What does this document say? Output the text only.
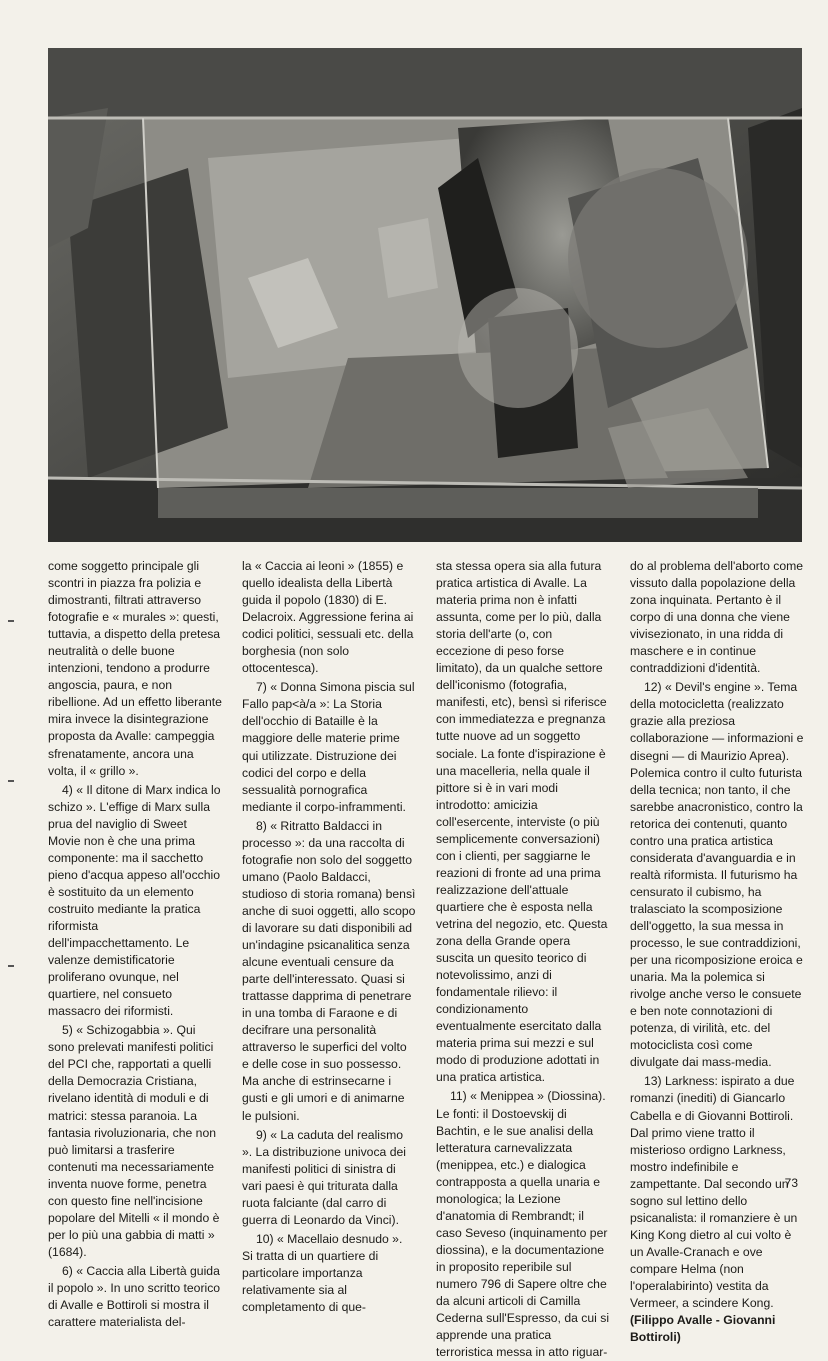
come soggetto principale gli scontri in piazza fra polizia e dimostranti, filtrati attraverso fotografie e « murales »: questi, tuttavia, a dispetto della pretesa neutralità o delle buone intenzioni, tendono a produrre angoscia, paura, e non ribellione. Ad un effetto liberante mira invece la disintegrazione proposta da Avalle: campeggia sfrenatamente, ancora una volta, il « grillo ».

4) « Il ditone di Marx indica lo schizo ». L'effige di Marx sulla prua del naviglio di Sweet Movie non è che una prima componente: ma il sacchetto pieno d'acqua appeso all'occhio è sostituito da un elemento costruito mediante la pratica riformista dell'impacchettamento. Le valenze demistificatorie proliferano ovunque, nel quartiere, nel consueto massacro dei riformisti.

5) « Schizogabbia ». Qui sono prelevati manifesti politici del PCI che, rapportati a quelli della Democrazia Cristiana, rivelano identità di moduli e di matrici: stessa paranoia. La fantasia rivoluzionaria, che non può limitarsi a trasferire contenuti ma necessariamente inventa nuove forme, penetra con questo fine nell'incisione popolare del Mitelli « il mondo è per lo più una gabbia di matti » (1684).

6) « Caccia alla Libertà guida il popolo ». In uno scritto teorico di Avalle e Bottiroli si mostra il carattere materialista del-

la « Caccia ai leoni » (1855) e quello idealista della Libertà guida il popolo (1830) di E. Delacroix. Aggressione ferina ai codici politici, sessuali etc. della borghesia (non solo ottocentesca).

7) « Donna Simona piscia sul Fallo pap<à/a »: La Storia dell'occhio di Bataille è la maggiore delle materie prime qui utilizzate. Distruzione dei codici del corpo e della sessualità pornografica mediante il corpo-inframmenti.

8) « Ritratto Baldacci in processo »: da una raccolta di fotografie non solo del soggetto umano (Paolo Baldacci, studioso di storia romana) bensì anche di suoi oggetti, allo scopo di lavorare su dati disponibili ad un'indagine psicanalitica senza alcune eventuali censure da parte dell'interessato. Quasi si trattasse dapprima di penetrare in una tomba di Faraone e di decifrare una personalità attraverso le superfici del volto e delle cose in suo possesso. Ma anche di estrinsecarne i gusti e gli umori e di animarne le pulsioni.

9) « La caduta del realismo ». La distribuzione univoca dei manifesti politici di sinistra di vari paesi è qui triturata dalla ruota falciante (dal carro di guerra di Leonardo da Vinci).

10) « Macellaio desnudo ». Si tratta di un quartiere di particolare importanza relativamente sia al completamento di que-

sta stessa opera sia alla futura pratica artistica di Avalle. La materia prima non è infatti assunta, come per lo più, dalla storia dell'arte (o, con eccezione di peso forse limitato), da un qualche settore dell'iconismo (fotografia, manifesti, etc), bensì si riferisce con immediatezza e pregnanza tutte nuove ad un soggetto sociale. La fonte d'ispirazione è una macelleria, nella quale il pittore si è in vari modi introdotto: amicizia coll'esercente, interviste (o più semplicemente conversazioni) con i clienti, per saggiarne le reazioni di fronte ad una prima realizzazione dell'attuale quartiere che è esposta nella vetrina del negozio, etc. Questa zona della Grande opera suscita un quesito teorico di notevolissimo, anzi di fondamentale rilievo: il condizionamento eventualmente esercitato dalla materia prima sui mezzi e sul modo di produzione adottati in una pratica artistica.

11) « Menippea » (Diossina). Le fonti: il Dostoevskij di Bachtin, e le sue analisi della letteratura carnevalizzata (menippea, etc.) e dialogica contrapposta a quella unaria e monologica; la Lezione d'anatomia di Rembrandt; il caso Seveso (inquinamento per diossina), e la documentazione in proposito reperibile sul numero 796 di Sapere oltre che da alcuni articoli di Camilla Cederna sull'Espresso, da cui si apprende una pratica terroristica messa in atto riguar-

do al problema dell'aborto come vissuto dalla popolazione della zona inquinata. Pertanto è il corpo di una donna che viene vivisezionato, in una ridda di maschere e in continue contraddizioni d'identità.

12) « Devil's engine ». Tema della motocicletta (realizzato grazie alla preziosa collaborazione — informazioni e disegni — di Maurizio Aprea). Polemica contro il culto futurista della tecnica; non tanto, il che sarebbe anacronistico, contro la retorica dei contenuti, quanto contro una pratica artistica considerata d'avanguardia e in realtà riformista. Il futurismo ha censurato il cubismo, ha tralasciato la scomposizione dell'oggetto, la sua messa in processo, le sue contraddizioni, per una ricomposizione eroica e unaria. Ma la polemica si rivolge anche verso le consuete e ben note connotazioni di potenza, di virilità, etc. del motociclista così come divulgate dai mass-media.

13) Larkness: ispirato a due romanzi (inediti) di Giancarlo Cabella e di Giovanni Bottiroli. Dal primo viene tratto il misterioso ordigno Larkness, mostro indefinibile e zampettante. Dal secondo un sogno sul lettino dello psicanalista: il romanziere è un King Kong dietro al cui volto è un Avalle-Cranach e ove compare Helma (non l'operalabirinto) vestita da Vermeer, a scindere Kong. (Filippo Avalle - Giovanni Bottiroli)

73
